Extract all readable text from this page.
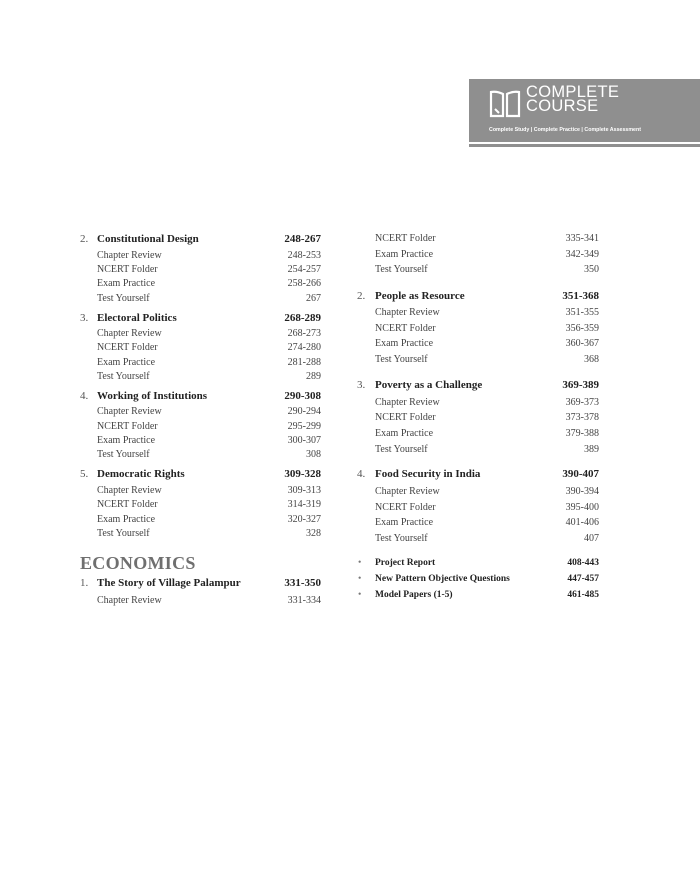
COMPLETE
COURSE
Complete Study | Complete Practice | Complete Assessment
2. Constitutional Design	248-267
Chapter Review	248-253
NCERT Folder	254-257
Exam Practice	258-266
Test Yourself	267
3. Electoral Politics	268-289
Chapter Review	268-273
NCERT Folder	274-280
Exam Practice	281-288
Test Yourself	289
4. Working of Institutions	290-308
Chapter Review	290-294
NCERT Folder	295-299
Exam Practice	300-307
Test Yourself	308
5. Democratic Rights	309-328
Chapter Review	309-313
NCERT Folder	314-319
Exam Practice	320-327
Test Yourself	328
ECONOMICS
1. The Story of Village Palampur	331-350
Chapter Review	331-334
NCERT Folder	335-341
Exam Practice	342-349
Test Yourself	350
2. People as Resource	351-368
Chapter Review	351-355
NCERT Folder	356-359
Exam Practice	360-367
Test Yourself	368
3. Poverty as a Challenge	369-389
Chapter Review	369-373
NCERT Folder	373-378
Exam Practice	379-388
Test Yourself	389
4. Food Security in India	390-407
Chapter Review	390-394
NCERT Folder	395-400
Exam Practice	401-406
Test Yourself	407
• Project Report	408-443
• New Pattern Objective Questions	447-457
• Model Papers (1-5)	461-485
